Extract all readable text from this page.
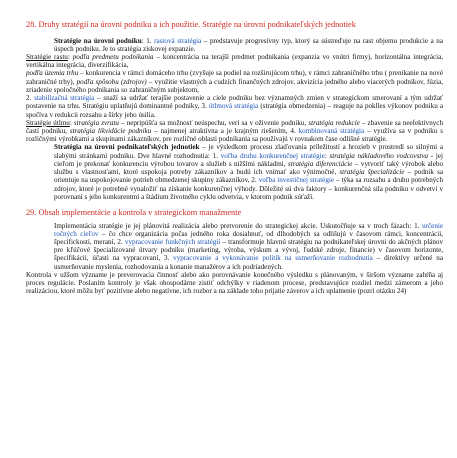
28. Druhy stratégií na úrovni podniku a ich použitie. Stratégie na úrovni podnikateľských jednotiek

Stratégie na úrovni podniku: 1. rastová stratégia – predstavuje progresívny typ, ktorý sa sústreďuje na rast objemu produkcie a na úspech podniku. Je to stratégia ziskovej expanzie.

Stratégie rastu: podľa predmetu podnikania – koncentrácia na terajší predmet podnikania (expanzia vo vnútri firmy), horizontálna integrácia, vertikálna integrácia, diverzifikácia,

podľa územia trhu – konkurencia v rámci domáceho trhu (zvyšuje sa podiel na rozširujúcom trhu), v rámci zahraničného trhu ( prenikanie na nové zahraničné trhy), podľa spôsobu (zdrojov) – využitie vlastných a cudzích finančných zdrojov, akvizícia jedného alebo viacerých podnikov, fúzia, zriadenie spoločného podnikania so zahraničným subjektom,

2. stabilizačná stratégia – snaží sa udržať terajšie postavenie a ciele podniku bez významných zmien v strategickom smerovaní a tým udržať postavenie na trhu. Stratégiu uplatňujú dominantné podniky, 3. útlmová stratégia (stratégia obmedzenia) – reaguje na poklles výkonov podniku a spočíva v redukcii rozsahu a šírky jeho úsilia.

Stratégie útlmu: stratégia zvratu – nepripúšťa sa možnosť neúspechu, verí sa v oživenie podniku, stratégia redukcie – zbavenie sa neefektívnych častí podniku, stratégia likvidácie podniku – najmenej atraktívna a je krajným riešením, 4. kombinovaná stratégia – využíva sa v podniku s rozličnými výrobkami a skupinami zákazníkov, pre rozličné oblasti podnikania sa používajú v rovnakom čase odlišné stratégie.

Stratégia na úrovni podnikateľských jednotiek – je výsledkom procesu zlaďovania príležitostí a hrozieb v prostredí so silnými a slabými stránkami podniku. Dve hlavné rozhodnutia: 1. voľba druhu konkurenčnej stratégie: stratégia nákladového vodcovstva - jej cieľom je prekonať konkurenciu výrobou tovarov a služieb s nižšími nákladmi, stratégia diferenciácie – vytvoriť taký výrobok alebo službu s vlastnosťami, ktoré uspokoja potreby zákazníkov a budú ich vnímať ako výnimočné, stratégia špecializácie – podnik sa orientuje na uspokojovanie potrieb obmedzenej skupiny zákazníkov, 2. voľba investičnej stratégie – týka sa rozsahu a druhu potrebných zdrojov, ktoré je potrebné vynaložiť na získanie konkurenčnej výhody. Dôležité sú dva faktory – konkurenčná sila podniku v odvetví v porovnaní s jeho konkurentmi a štádium životného cyklu odvetvia, v ktorom podnik súťaží.

29. Obsah implementácie a kontrola v strategickom manažmente

Implementácia stratégie je jej plánovitá realizácia alebo pretvorenie do strategickej akcie. Uskutočňuje sa v troch fázach: 1. určenie ročných cieľov – čo chce organizácia počas jedného roka dosiahnuť, od dlhodobých sa odlišujú v časovom rámci, koncentrácii, špecifickosti, meraní, 2. vypracovanie funkčných stratégií – transformuje hlavnú stratégiu na podnikateľskej úrovni do akčných plánov pre kľúčové špecializované útvary podniku (marketing, výroba, výskum a vývoj, ľudské zdroje, financie) v časovom horizonte, špecifikácii, účasti na vypracovaní, 3. vypracovanie a vykonávanie politík na usmerňovanie rozhodnutia – direktívy určené na usmerňovanie myslenia, rozhodovania a konanie manažérov a ich podriadených.

Kontrola v užšom význame je preverovacia činnosť alebo ako porovnávanie konečného výsledku s plánovaným, v širšom význame zahŕňa aj proces regulácie. Poslaním kontroly je však ohospodárne zistiť odchýlky v riadenom procese, predstavujúce rozdiel medzi zámerom a jeho realizáciou, ktoré môžu byť pozitívne alebo negatívne, ich rozbor a na základe toho prijatie záverov a ich uplatnenie (pozri otázku 24)
